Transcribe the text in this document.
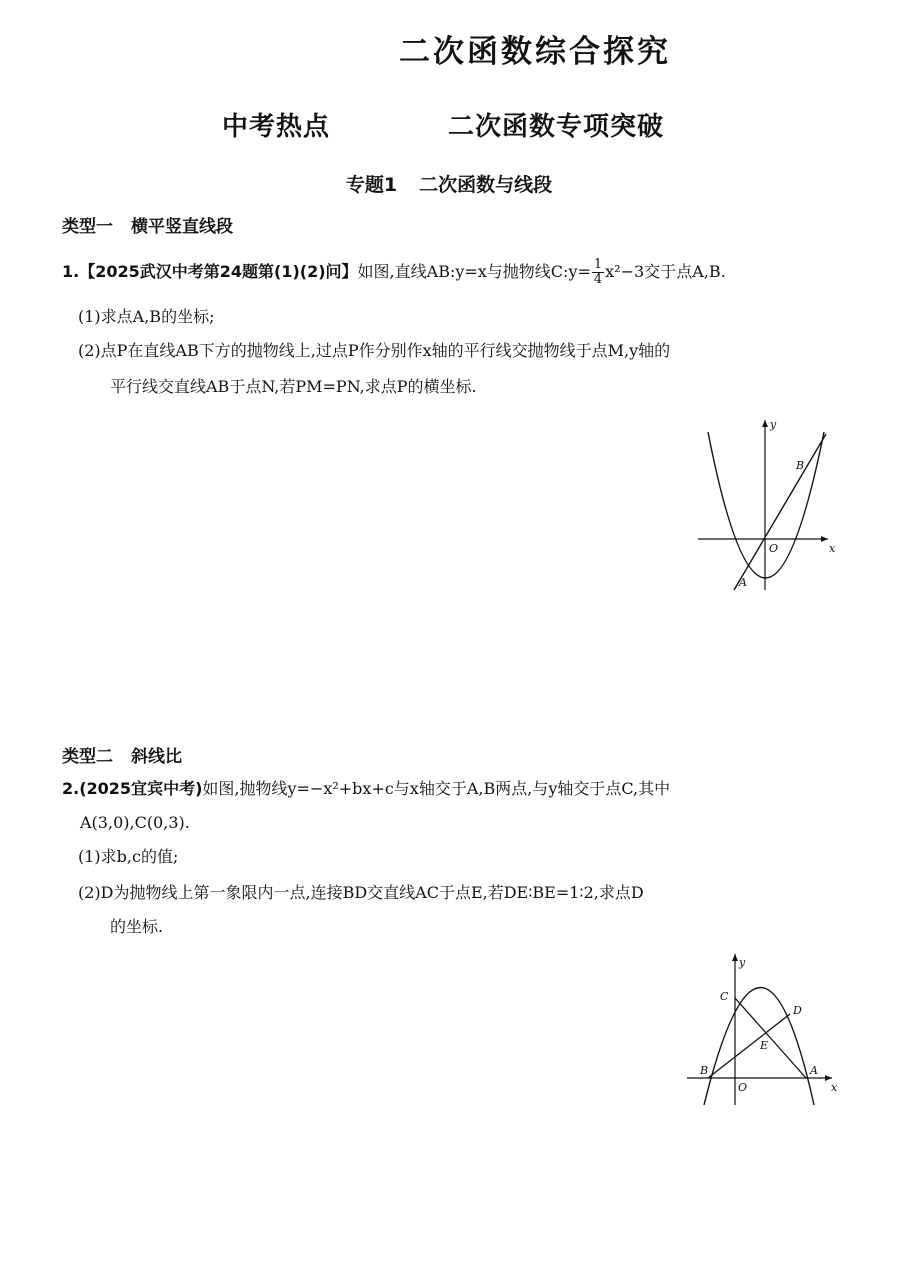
二次函数综合探究
中考热点	二次函数专项突破
专题1 二次函数与线段
类型一 横平竖直线段
1.【2025武汉中考第24题第(1)(2)问】如图,直线AB:y=x与抛物线C:y= $\frac{1}{4} x^2-3$交于点A,B.
(1)求点A,B的坐标;
(2)点P在直线AB下方的抛物线上,过点P作分别作x轴的平行线交抛物线于点M,y轴的
平行线交直线AB于点N,若PM=PN,求点P的横坐标.
y
x
O
A
B
类型二 斜线比
2.(2025宜宾中考)如图,抛物线y=−x²+bx+c与x轴交于A,B两点,与y轴交于点C,其中
A(3,0),C(0,3).
(1)求b,c的值;
(2)D为抛物线上第一象限内一点,连接BD交直线AC于点E,若DE∶BE=1∶2,求点D
的坐标.
y
x
O
A
B
C
D
E
